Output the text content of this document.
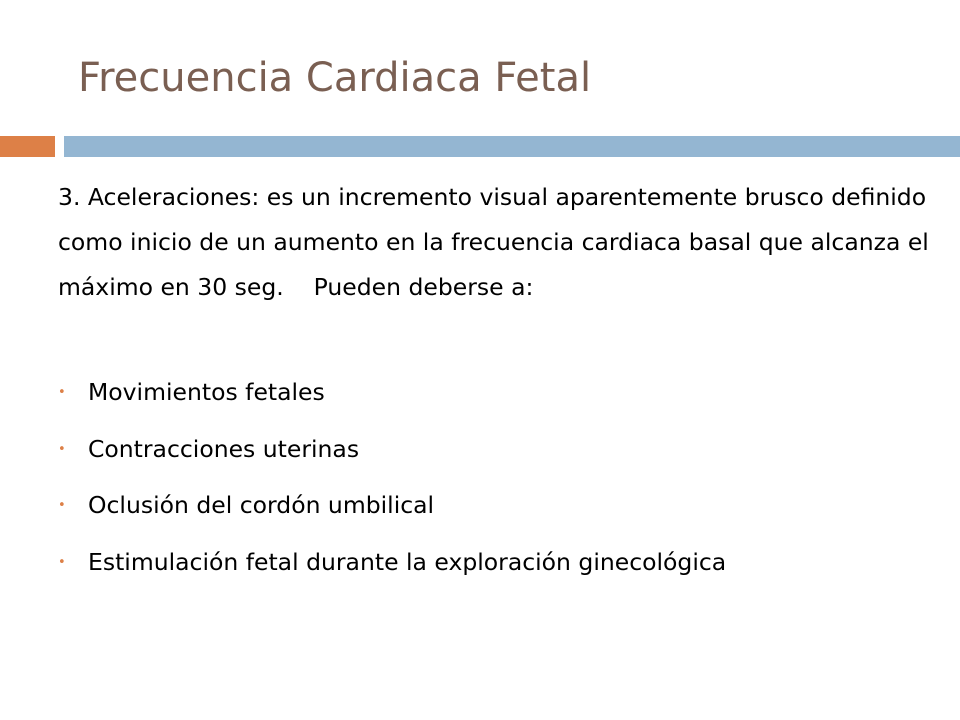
Frecuencia Cardiaca Fetal

3. Aceleraciones: es un incremento visual aparentemente brusco definido como inicio de un aumento en la frecuencia cardiaca basal que alcanza el máximo en 30 seg.    Pueden deberse a:

• Movimientos fetales
• Contracciones uterinas
• Oclusión del cordón umbilical
• Estimulación fetal durante la exploración ginecológica
